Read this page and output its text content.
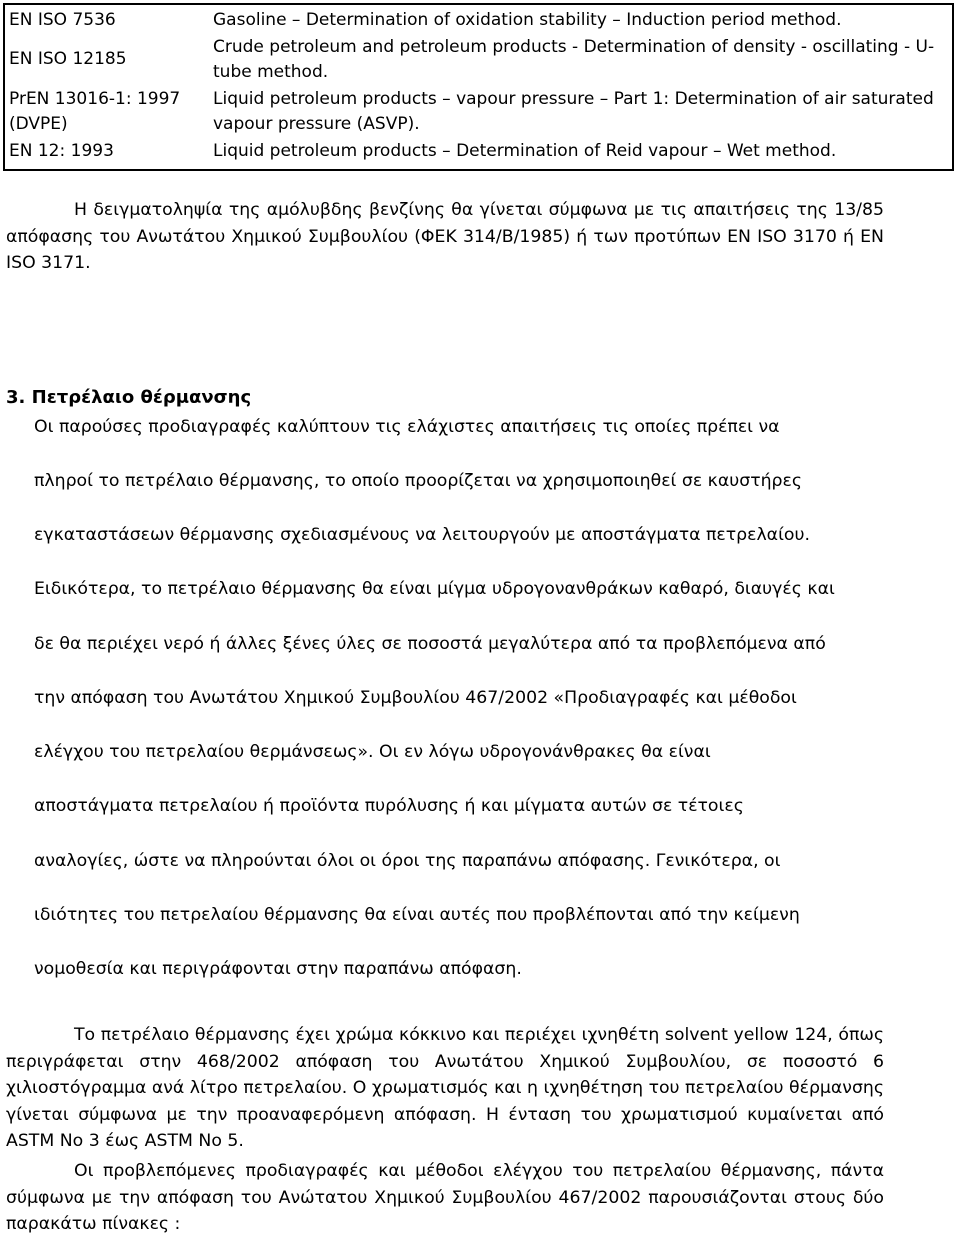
EN ISO 7536	Gasoline – Determination of oxidation stability – Induction period method.
EN ISO 12185
Crude petroleum and petroleum products - Determination of density - oscillating - U-tube method.
PrEN 13016-1: 1997 (DVPE)
Liquid petroleum products – vapour pressure – Part 1: Determination of air saturated vapour pressure (ASVP).
EN 12: 1993	Liquid petroleum products – Determination of Reid vapour – Wet method.
Η δειγματοληψία της αμόλυβδης βενζίνης θα γίνεται σύμφωνα με τις απαιτήσεις της 13/85 απόφασης του Ανωτάτου Χημικού Συμβουλίου (ΦΕΚ 314/Β/1985) ή των προτύπων EN ISO 3170 ή EN ISO 3171.
3. Πετρέλαιο θέρμανσης
Οι παρούσες προδιαγραφές καλύπτουν τις ελάχιστες απαιτήσεις τις οποίες πρέπει να
πληροί το πετρέλαιο θέρμανσης, το οποίο προορίζεται να χρησιμοποιηθεί σε καυστήρες
εγκαταστάσεων θέρμανσης σχεδιασμένους να λειτουργούν με αποστάγματα πετρελαίου.
Ειδικότερα, το πετρέλαιο θέρμανσης θα είναι μίγμα υδρογονανθράκων καθαρό, διαυγές και
δε θα περιέχει νερό ή άλλες ξένες ύλες σε ποσοστά μεγαλύτερα από τα προβλεπόμενα από
την απόφαση του Ανωτάτου Χημικού Συμβουλίου 467/2002 «Προδιαγραφές και μέθοδοι
ελέγχου του πετρελαίου θερμάνσεως». Οι εν λόγω υδρογονάνθρακες θα είναι
αποστάγματα πετρελαίου ή προϊόντα πυρόλυσης ή και μίγματα αυτών σε τέτοιες
αναλογίες, ώστε να πληρούνται όλοι οι όροι της παραπάνω απόφασης. Γενικότερα, οι
ιδιότητες του πετρελαίου θέρμανσης θα είναι αυτές που προβλέπονται από την κείμενη
νομοθεσία και περιγράφονται στην παραπάνω απόφαση.
Το πετρέλαιο θέρμανσης έχει χρώμα κόκκινο και περιέχει ιχνηθέτη solvent yellow 124, όπως περιγράφεται στην 468/2002 απόφαση του Ανωτάτου Χημικού Συμβουλίου, σε ποσοστό 6 χιλιοστόγραμμα ανά λίτρο πετρελαίου. Ο χρωματισμός και η ιχνηθέτηση του πετρελαίου θέρμανσης γίνεται σύμφωνα με την προαναφερόμενη απόφαση. Η ένταση του χρωματισμού κυμαίνεται από ASTM No 3 έως ASTM No 5.
Οι προβλεπόμενες προδιαγραφές και μέθοδοι ελέγχου του πετρελαίου θέρμανσης, πάντα σύμφωνα με την απόφαση του Ανώτατου Χημικού Συμβουλίου 467/2002 παρουσιάζονται στους δύο παρακάτω πίνακες :
